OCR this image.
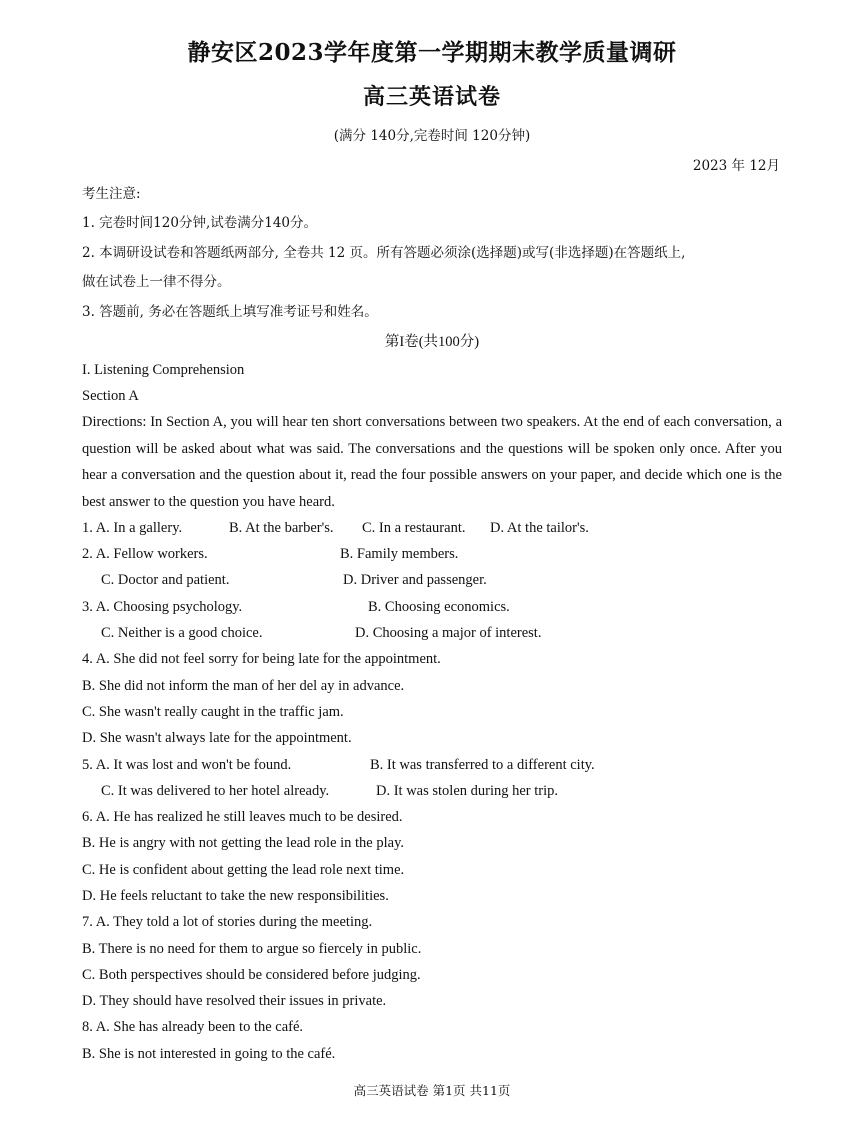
静安区2023学年度第一学期期末教学质量调研
高三英语试卷
(满分 140分,完卷时间 120分钟)
2023 年 12月
考生注意:
1. 完卷时间120分钟,试卷满分140分。
2. 本调研设试卷和答题纸两部分, 全卷共 12 页。所有答题必须涂(选择题)或写(非选择题)在答题纸上,
做在试卷上一律不得分。
3. 答题前, 务必在答题纸上填写准考证号和姓名。
第I卷(共100分)
I. Listening Comprehension
Section A
Directions: In Section A, you will hear ten short conversations between two speakers. At the end of each conversation, a question will be asked about what was said. The conversations and the questions will be spoken only once. After you hear a conversation and the question about it, read the four possible answers on your paper, and decide which one is the best answer to the question you have heard.
1. A. In a gallery.	B. At the barber's. C. In a restaurant. D. At the tailor's.
2. A. Fellow workers.	B. Family members.
C. Doctor and patient.	D. Driver and passenger.
3. A. Choosing psychology.	B. Choosing economics.
C. Neither is a good choice.	D. Choosing a major of interest.
4. A. She did not feel sorry for being late for the appointment.
B. She did not inform the man of her del ay in advance.
C. She wasn't really caught in the traffic jam.
D. She wasn't always late for the appointment.
5. A. It was lost and won't be found.	B. It was transferred to a different city.
C. It was delivered to her hotel already.	D. It was stolen during her trip.
6. A. He has realized he still leaves much to be desired.
B. He is angry with not getting the lead role in the play.
C. He is confident about getting the lead role next time.
D. He feels reluctant to take the new responsibilities.
7. A. They told a lot of stories during the meeting.
B. There is no need for them to argue so fiercely in public.
C. Both perspectives should be considered before judging.
D. They should have resolved their issues in private.
8. A. She has already been to the café.
B. She is not interested in going to the café.
高三英语试卷 第1页 共11页
